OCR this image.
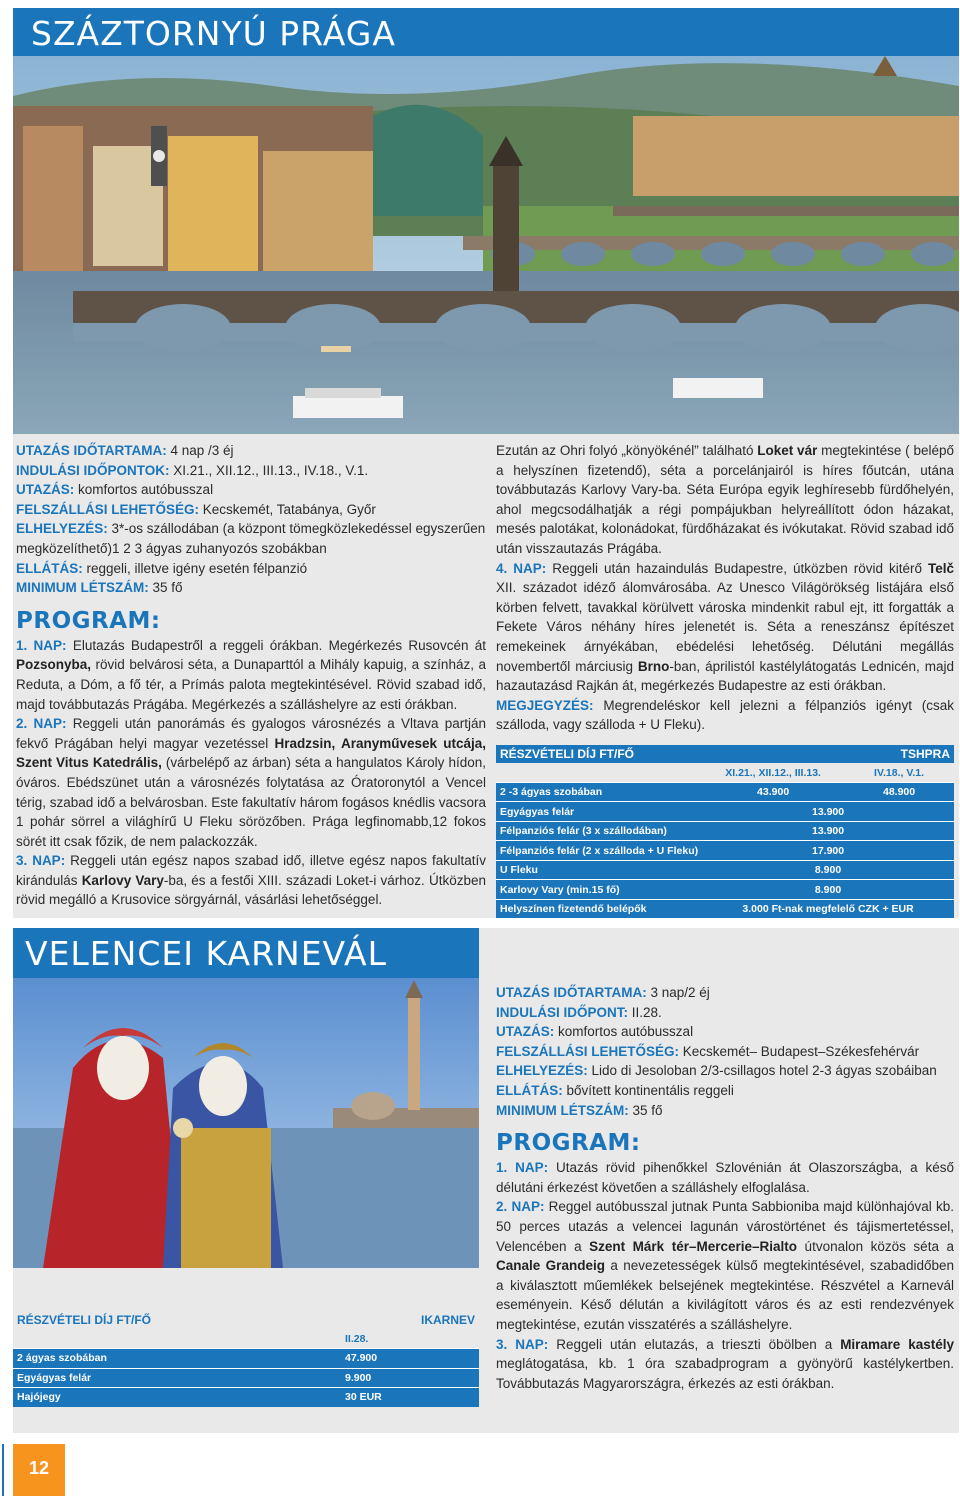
SZÁZTORNYÚ PRÁGA

UTAZÁS IDŐTARTAMA: 4 nap /3 éj

INDULÁSI IDŐPONTOK: XI.21., XII.12., III.13., IV.18., V.1.

UTAZÁS: komfortos autóbusszal

FELSZÁLLÁSI LEHETŐSÉG: Kecskemét, Tatabánya, Győr

ELHELYEZÉS: 3*-os szállodában (a központ tömegközlekedéssel egyszerűen megközelíthető)1 2 3 ágyas zuhanyozós szobákban

ELLÁTÁS: reggeli, illetve igény esetén félpanzió

MINIMUM LÉTSZÁM: 35 fő

PROGRAM:

1. NAP: Elutazás Budapestről a reggeli órákban. Megérkezés Rusovcén át Pozsonyba, rövid belvárosi séta, a Dunaparttól a Mihály kapuig, a színház, a Reduta, a Dóm, a fő tér, a Prímás palota megtekintésével. Rövid szabad idő, majd továbbutazás Prágába. Megérkezés a szálláshelyre az esti órákban.

2. NAP: Reggeli után panorámás és gyalogos városnézés a Vltava partján fekvő Prágában helyi magyar vezetéssel Hradzsin, Aranyművesek utcája, Szent Vitus Katedrális, (várbelépő az árban) séta a hangulatos Károly hídon, óváros. Ebédszünet után a városnézés folytatása az Óratoronytól a Vencel térig, szabad idő a belvárosban. Este fakultatív három fogásos knédlis vacsora 1 pohár sörrel a világhírű U Fleku sörözőben. Prága legfinomabb,12 fokos sörét itt csak főzik, de nem palackozzák.

3. NAP: Reggeli után egész napos szabad idő, illetve egész napos fakultatív kirándulás Karlovy Vary-ba, és a festői XIII. századi Loket-i várhoz. Útközben rövid megálló a Krusovice sörgyárnál, vásárlási lehetőséggel.

Ezután az Ohri folyó „könyökénél” található Loket vár megtekintése ( belépő a helyszínen fizetendő), séta a porcelánjairól is híres főutcán, utána továbbutazás Karlovy Vary-ba. Séta Európa egyik leghíresebb fürdőhelyén, ahol megcsodálhatják a régi pompájukban helyreállított ódon házakat, mesés palotákat, kolonádokat, fürdőházakat és ivókutakat. Rövid szabad idő után visszautazás Prágába.

4. NAP: Reggeli után hazaindulás Budapestre, útközben rövid kitérő Telč XII. századot idéző álomvárosába. Az Unesco Világörökség listájára első körben felvett, tavakkal körülvett városka mindenkit rabul ejt, itt forgatták a Fekete Város néhány híres jelenetét is. Séta a reneszánsz építészet remekeinek árnyékában, ebédelési lehetőség. Délutáni megállás novembertől márciusig Brno-ban, áprilistól kastélylátogatás Lednicén, majd hazautazásd Rajkán át, megérkezés Budapestre az esti órákban.

MEGJEGYZÉS: Megrendeléskor kell jelezni a félpanziós igényt (csak szálloda, vagy szálloda + U Fleku).

RÉSZVÉTELI DÍJ FT/FŐ		TSHPRA
	XI.21., XII.12., III.13.	IV.18., V.1.
2 -3 ágyas szobában	43.900	48.900
Egyágyas felár	13.900	
Félpanziós felár (3 x szállodában)	13.900	
Félpanziós felár (2 x szálloda + U Fleku)	17.900	
U Fleku	8.900	
Karlovy Vary (min.15 fő)	8.900	
Helyszínen fizetendő belépők	3.000 Ft-nak megfelelő CZK + EUR	
VELENCEI KARNEVÁL
RÉSZVÉTELI DÍJ FT/FŐ	IKARNEV
	II.28.
2 ágyas szobában	47.900
Egyágyas felár	9.900
Hajójegy	30 EUR

UTAZÁS IDŐTARTAMA: 3 nap/2 éj

INDULÁSI IDŐPONT: II.28.

UTAZÁS: komfortos autóbusszal

FELSZÁLLÁSI LEHETŐSÉG: Kecskemét– Budapest–Székesfehérvár

ELHELYEZÉS: Lido di Jesoloban 2/3-csillagos hotel 2-3 ágyas szobáiban

ELLÁTÁS: bővített kontinentális reggeli

MINIMUM LÉTSZÁM: 35 fő

PROGRAM:

1. NAP: Utazás rövid pihenőkkel Szlovénián át Olaszországba, a késő délutáni érkezést követően a szálláshely elfoglalása.

2. NAP: Reggel autóbusszal jutnak Punta Sabbioniba majd különhajóval kb. 50 perces utazás a velencei lagunán várostörténet és tájismertetéssel, Velencében a Szent Márk tér–Mercerie–Rialto útvonalon közös séta a Canale Grandeig a nevezetességek külső megtekintésével, szabadidőben a kiválasztott műemlékek belsejének megtekintése. Részvétel a Karnevál eseményein. Késő délután a kivilágított város és az esti rendezvények megtekintése, ezután visszatérés a szálláshelyre.

3. NAP: Reggeli után elutazás, a trieszti öbölben a Miramare kastély meglátogatása, kb. 1 óra szabadprogram a gyönyörű kastélykertben. Továbbutazás Magyarországra, érkezés az esti órákban.

12
